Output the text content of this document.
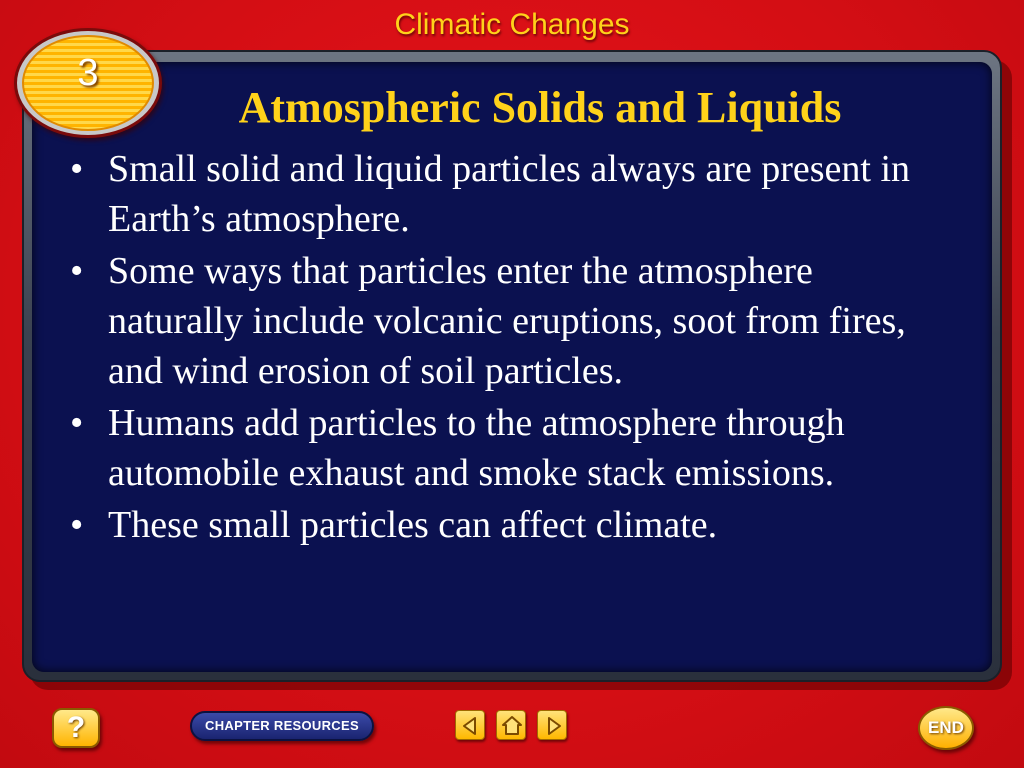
Climatic Changes
3
Atmospheric Solids and Liquids
• Small solid and liquid particles always are present in Earth’s atmosphere.
• Some ways that particles enter the atmosphere naturally include volcanic eruptions, soot from fires, and wind erosion of soil particles.
• Humans add particles to the atmosphere through automobile exhaust and smoke stack emissions.
• These small particles can affect climate.
?	CHAPTER RESOURCES	END
